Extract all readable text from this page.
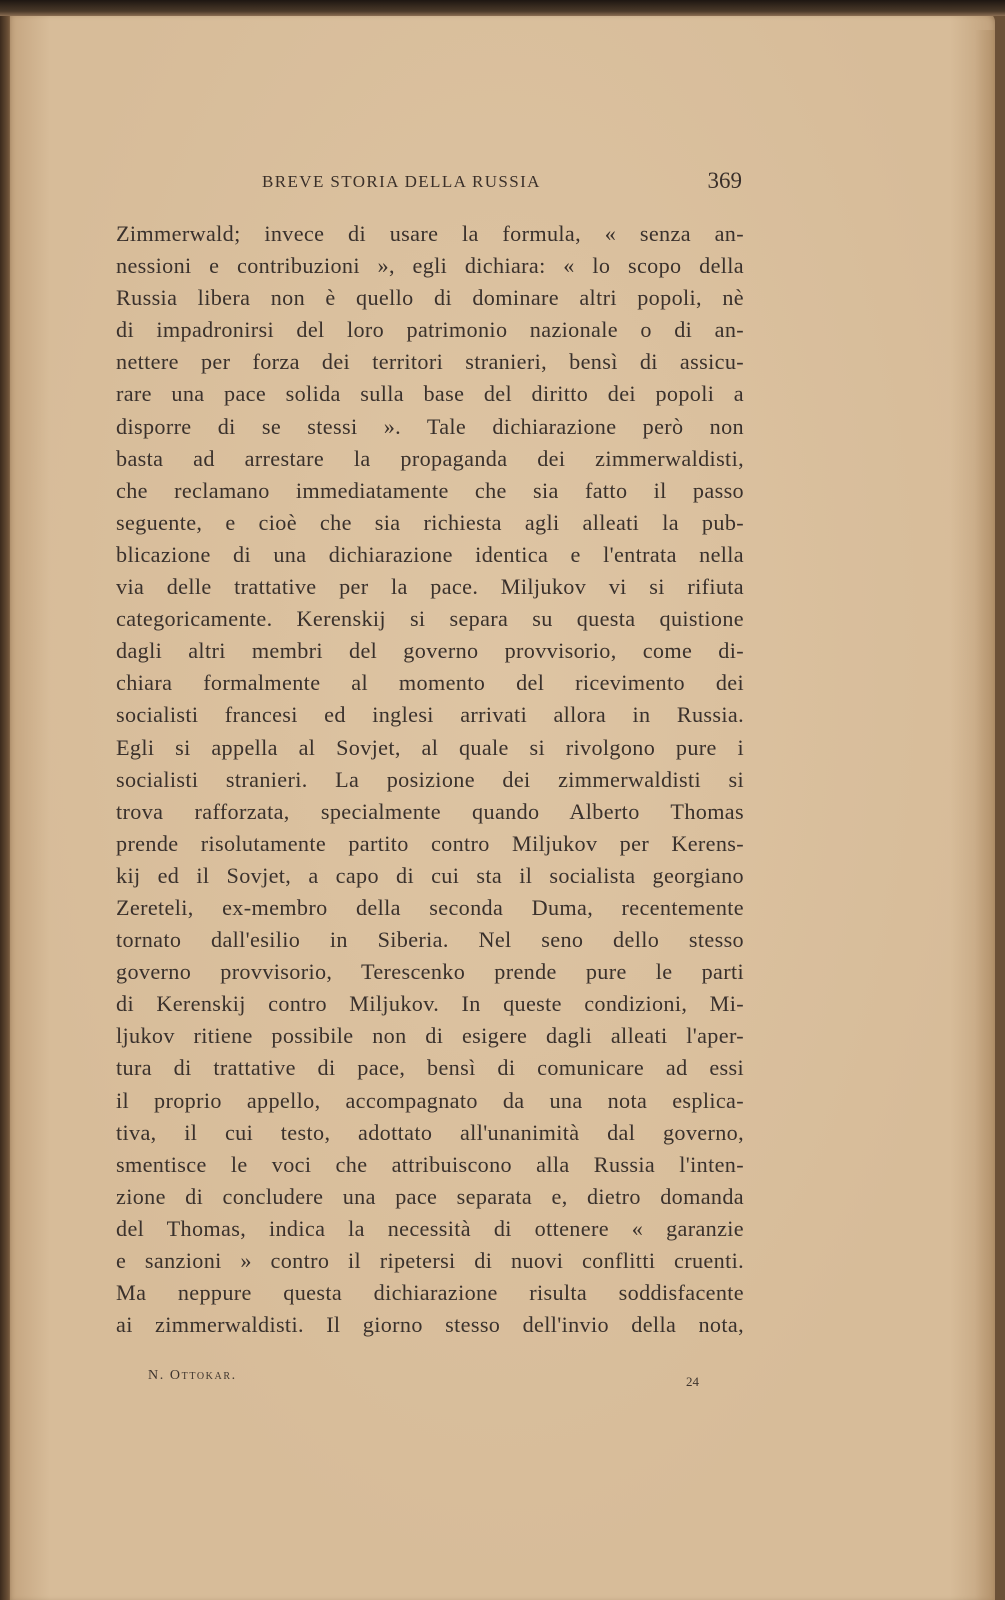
BREVE STORIA DELLA RUSSIA	369
Zimmerwald; invece di usare la formula, « senza an-
nessioni e contribuzioni », egli dichiara: « lo scopo della
Russia libera non è quello di dominare altri popoli, nè
di impadronirsi del loro patrimonio nazionale o di an-
nettere per forza dei territori stranieri, bensì di assicu-
rare una pace solida sulla base del diritto dei popoli a
disporre di se stessi ». Tale dichiarazione però non
basta ad arrestare la propaganda dei zimmerwaldisti,
che reclamano immediatamente che sia fatto il passo
seguente, e cioè che sia richiesta agli alleati la pub-
blicazione di una dichiarazione identica e l'entrata nella
via delle trattative per la pace. Miljukov vi si rifiuta
categoricamente. Kerenskij si separa su questa quistione
dagli altri membri del governo provvisorio, come di-
chiara formalmente al momento del ricevimento dei
socialisti francesi ed inglesi arrivati allora in Russia.
Egli si appella al Sovjet, al quale si rivolgono pure i
socialisti stranieri. La posizione dei zimmerwaldisti si
trova rafforzata, specialmente quando Alberto Thomas
prende risolutamente partito contro Miljukov per Kerens-
kij ed il Sovjet, a capo di cui sta il socialista georgiano
Zereteli, ex-membro della seconda Duma, recentemente
tornato dall'esilio in Siberia. Nel seno dello stesso
governo provvisorio, Terescenko prende pure le parti
di Kerenskij contro Miljukov. In queste condizioni, Mi-
ljukov ritiene possibile non di esigere dagli alleati l'aper-
tura di trattative di pace, bensì di comunicare ad essi
il proprio appello, accompagnato da una nota esplica-
tiva, il cui testo, adottato all'unanimità dal governo,
smentisce le voci che attribuiscono alla Russia l'inten-
zione di concludere una pace separata e, dietro domanda
del Thomas, indica la necessità di ottenere « garanzie
e sanzioni » contro il ripetersi di nuovi conflitti cruenti.
Ma neppure questa dichiarazione risulta soddisfacente
ai zimmerwaldisti. Il giorno stesso dell'invio della nota,
N. Ottokar.	24
